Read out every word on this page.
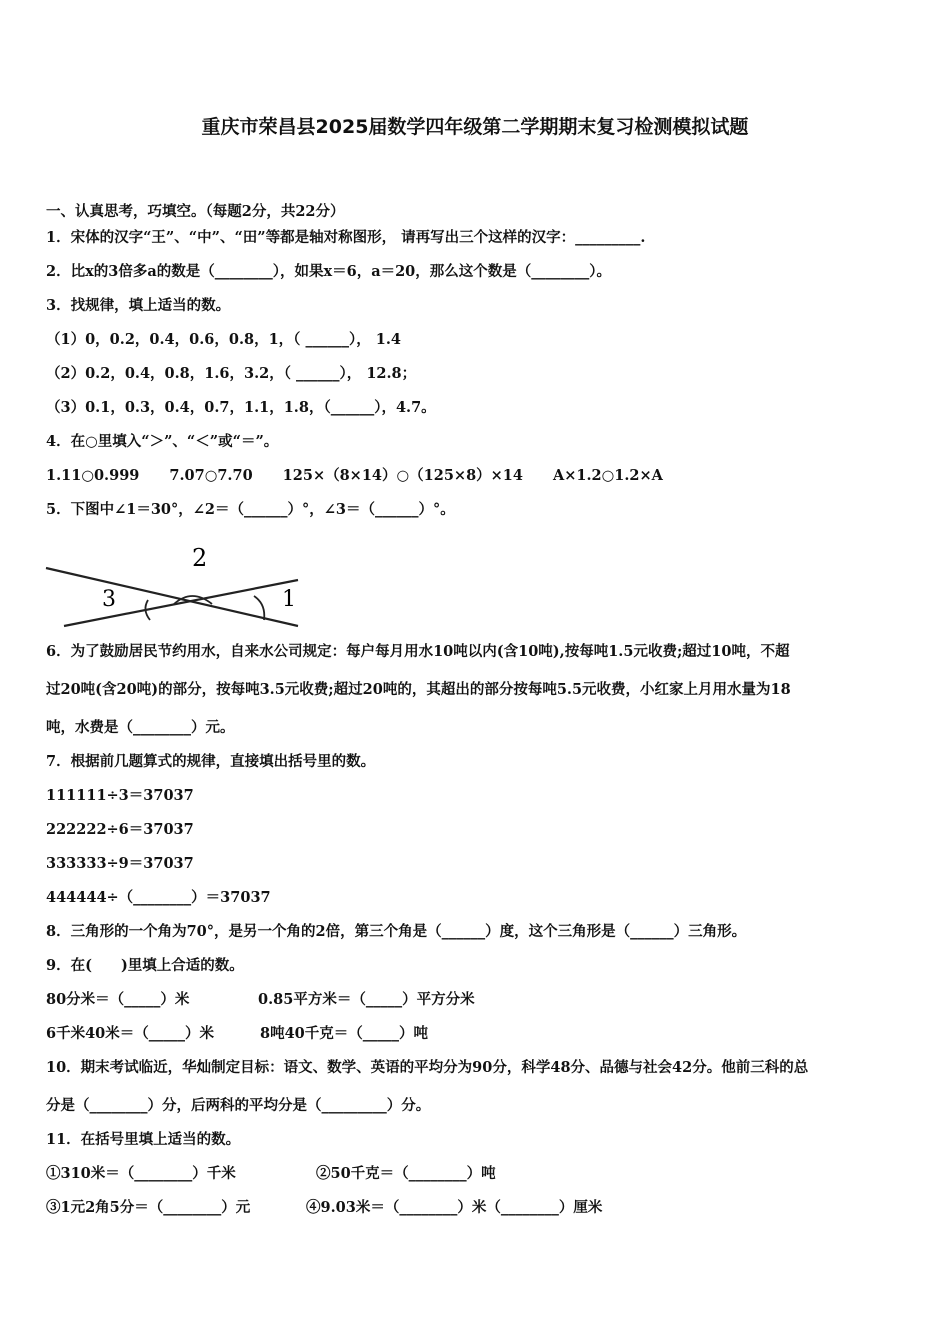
重庆市荣昌县2025届数学四年级第二学期期末复习检测模拟试题
一、认真思考，巧填空。（每题2分，共22分）
1．宋体的汉字“王”、“中”、“田”等都是轴对称图形， 请再写出三个这样的汉字：_________.
2．比x的3倍多a的数是（________），如果x＝6，a＝20，那么这个数是（________）。
3．找规律，填上适当的数。
（1）0，0.2，0.4，0.6，0.8，1，（ ______）， 1.4
（2）0.2，0.4，0.8，1.6，3.2，（ ______）， 12.8；
（3）0.1，0.3，0.4，0.7，1.1，1.8，（______），4.7。
4．在○里填入“＞”、“＜”或“＝”。
1.11○0.999 7.07○7.70 125×（8×14）○（125×8）×14 A×1.2○1.2×A
5．下图中∠1＝30°，∠2＝（______）°，∠3＝（______）°。
2
3	1
6．为了鼓励居民节约用水，自来水公司规定：每户每月用水10吨以内(含10吨),按每吨1.5元收费;超过10吨，不超
过20吨(含20吨)的部分，按每吨3.5元收费;超过20吨的，其超出的部分按每吨5.5元收费，小红家上月用水量为18
吨，水费是（________）元。
7．根据前几题算式的规律，直接填出括号里的数。
111111÷3＝37037
222222÷6＝37037
333333÷9＝37037
444444÷（________）＝37037
8．三角形的一个角为70°，是另一个角的2倍，第三个角是（______）度，这个三角形是（______）三角形。
9．在(　　)里填上合适的数。
80分米＝（_____）米	0.85平方米＝（_____）平方分米
6千米40米＝（_____）米	8吨40千克＝（_____）吨
10．期末考试临近，华灿制定目标：语文、数学、英语的平均分为90分，科学48分、品德与社会42分。他前三科的总
分是（________）分，后两科的平均分是（_________）分。
11．在括号里填上适当的数。
①310米＝（________）千米	②50千克＝（________）吨
③1元2角5分＝（________）元	④9.03米＝（________）米（________）厘米
